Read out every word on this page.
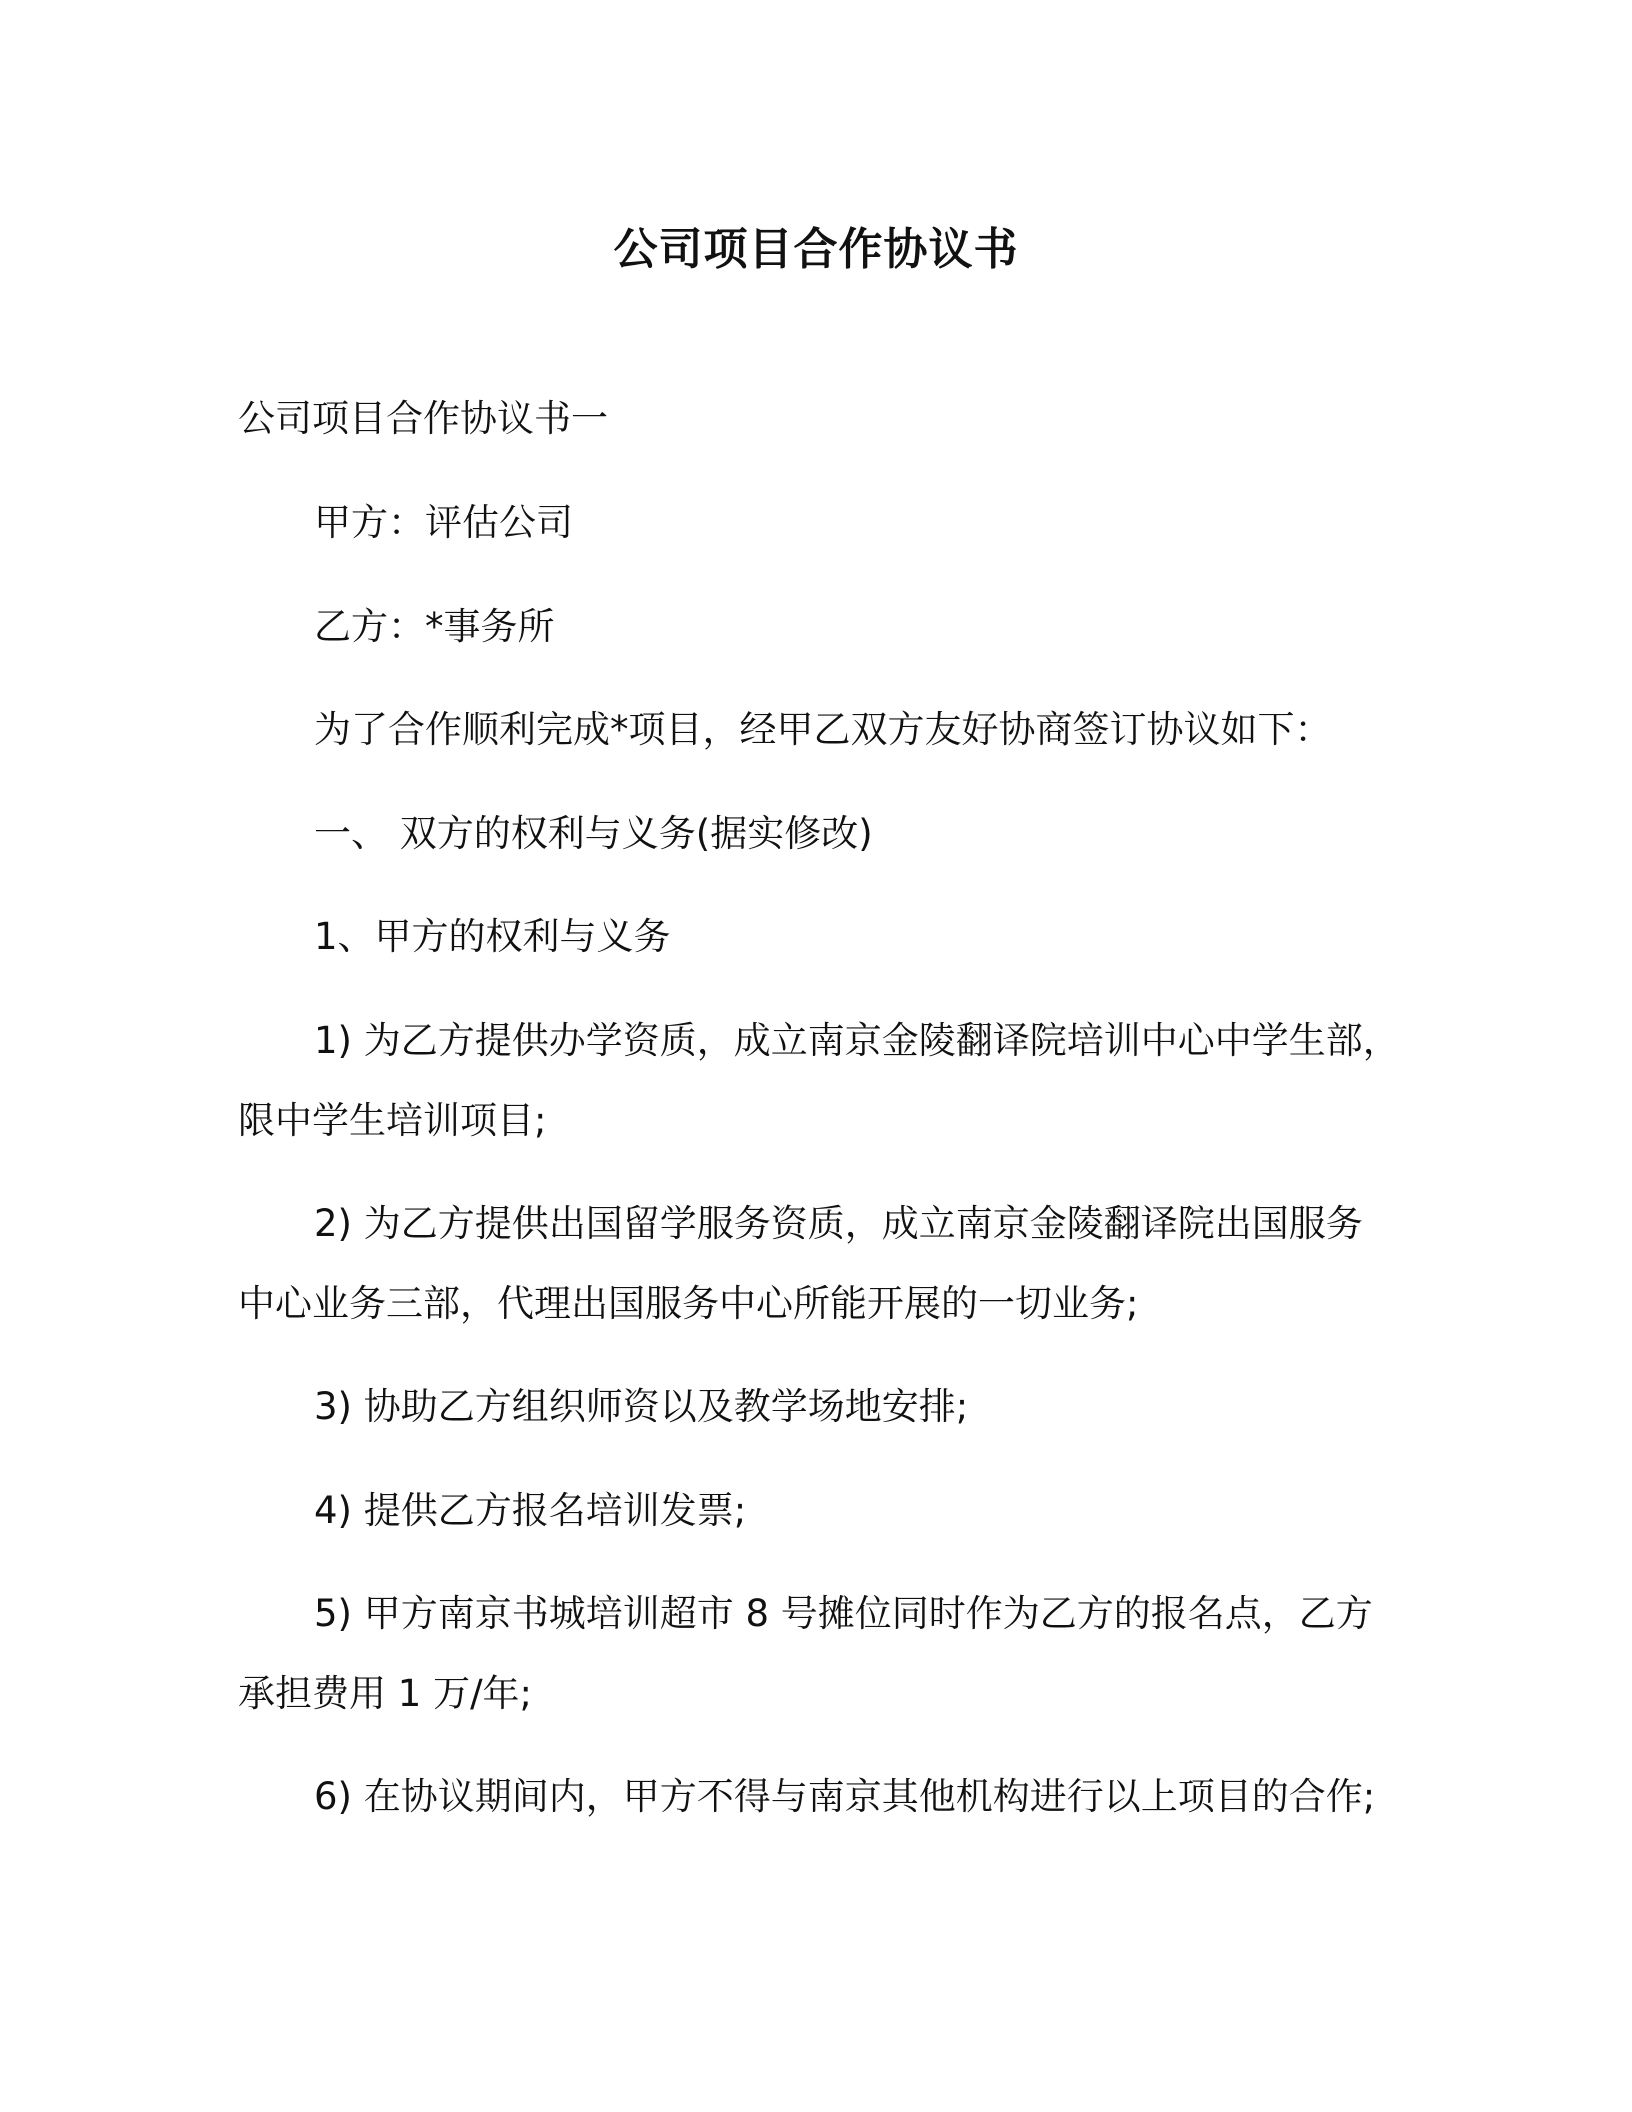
公司项目合作协议书

公司项目合作协议书一

甲方：评估公司

乙方：*事务所

为了合作顺利完成*项目，经甲乙双方友好协商签订协议如下：

一、 双方的权利与义务(据实修改)

1、甲方的权利与义务

1) 为乙方提供办学资质，成立南京金陵翻译院培训中心中学生部，

限中学生培训项目;

2) 为乙方提供出国留学服务资质，成立南京金陵翻译院出国服务

中心业务三部，代理出国服务中心所能开展的一切业务;

3) 协助乙方组织师资以及教学场地安排;

4) 提供乙方报名培训发票;

5) 甲方南京书城培训超市 8 号摊位同时作为乙方的报名点，乙方

承担费用 1 万/年;

6) 在协议期间内，甲方不得与南京其他机构进行以上项目的合作;
